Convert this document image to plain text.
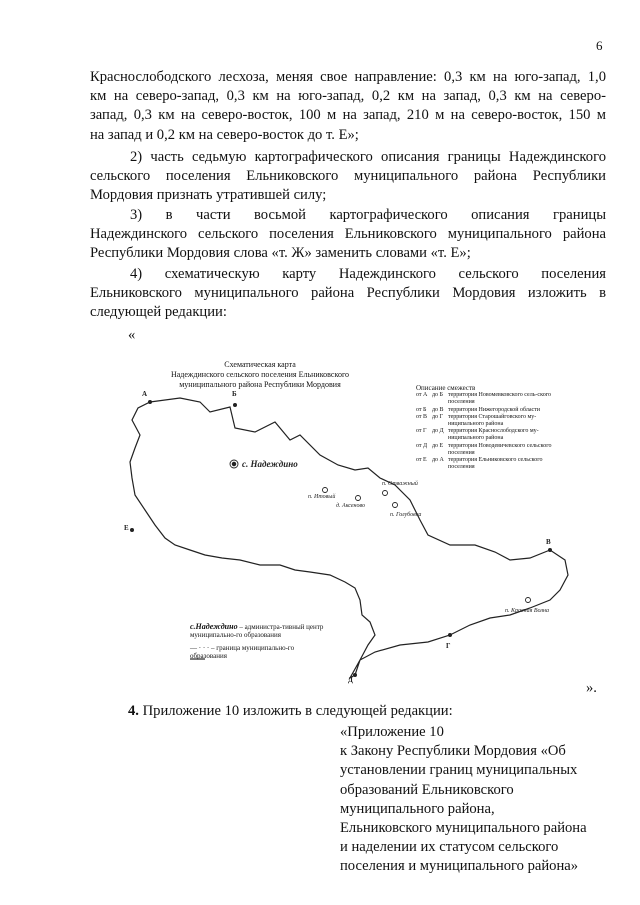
6
Краснослободского лесхоза, меняя свое направление: 0,3 км на юго-запад, 1,0
км на северо-запад, 0,3 км на юго-запад, 0,2 км на запад, 0,3 км на северо-
запад, 0,3 км на северо-восток, 100 м на запад, 210 м на северо-восток, 150 м
на запад и 0,2 км на северо-восток до т. Е»;
2) часть седьмую картографического описания границы Надеждинского
сельского поселения Ельниковского муниципального района Республики
Мордовия признать утратившей силу;
3) в части восьмой картографического описания границы
Надеждинского сельского поселения Ельниковского муниципального района
Республики Мордовия слова «т. Ж» заменить словами «т. Е»;
4) схематическую карту Надеждинского сельского поселения
Ельниковского муниципального района Республики Мордовия изложить в
следующей редакции:
«
Схематическая карта
Надеждинского сельского поселения Ельниковского
муниципального района Республики Мордовия
А	Б
В
Г
Д
Е
с. Надеждино
п. Итовый
д. Аксеново
п. Отважный
п. Голубовка
п. Красная Волна
Описание смежеств
от А до Б территория Новомевковского сель-ского поселения
от Б до В территория Нижегородской области
от В до Г территория Старошайговского му-ниципального района
от Г до Д территория Краснослободского му-ниципального района
от Д до Е территория Новодевичевского сельского поселения
от Е до А территория Ельниковского сельского поселения
с.Надеждино – администра-тивный центр муниципально-го образования
— · · · – граница муниципально-го образования
».
4. Приложение 10 изложить в следующей редакции:
«Приложение 10
к Закону Республики Мордовия «Об
установлении границ муниципальных
образований Ельниковского
муниципального района,
Ельниковского муниципального района
и наделении их статусом сельского
поселения и муниципального района»
